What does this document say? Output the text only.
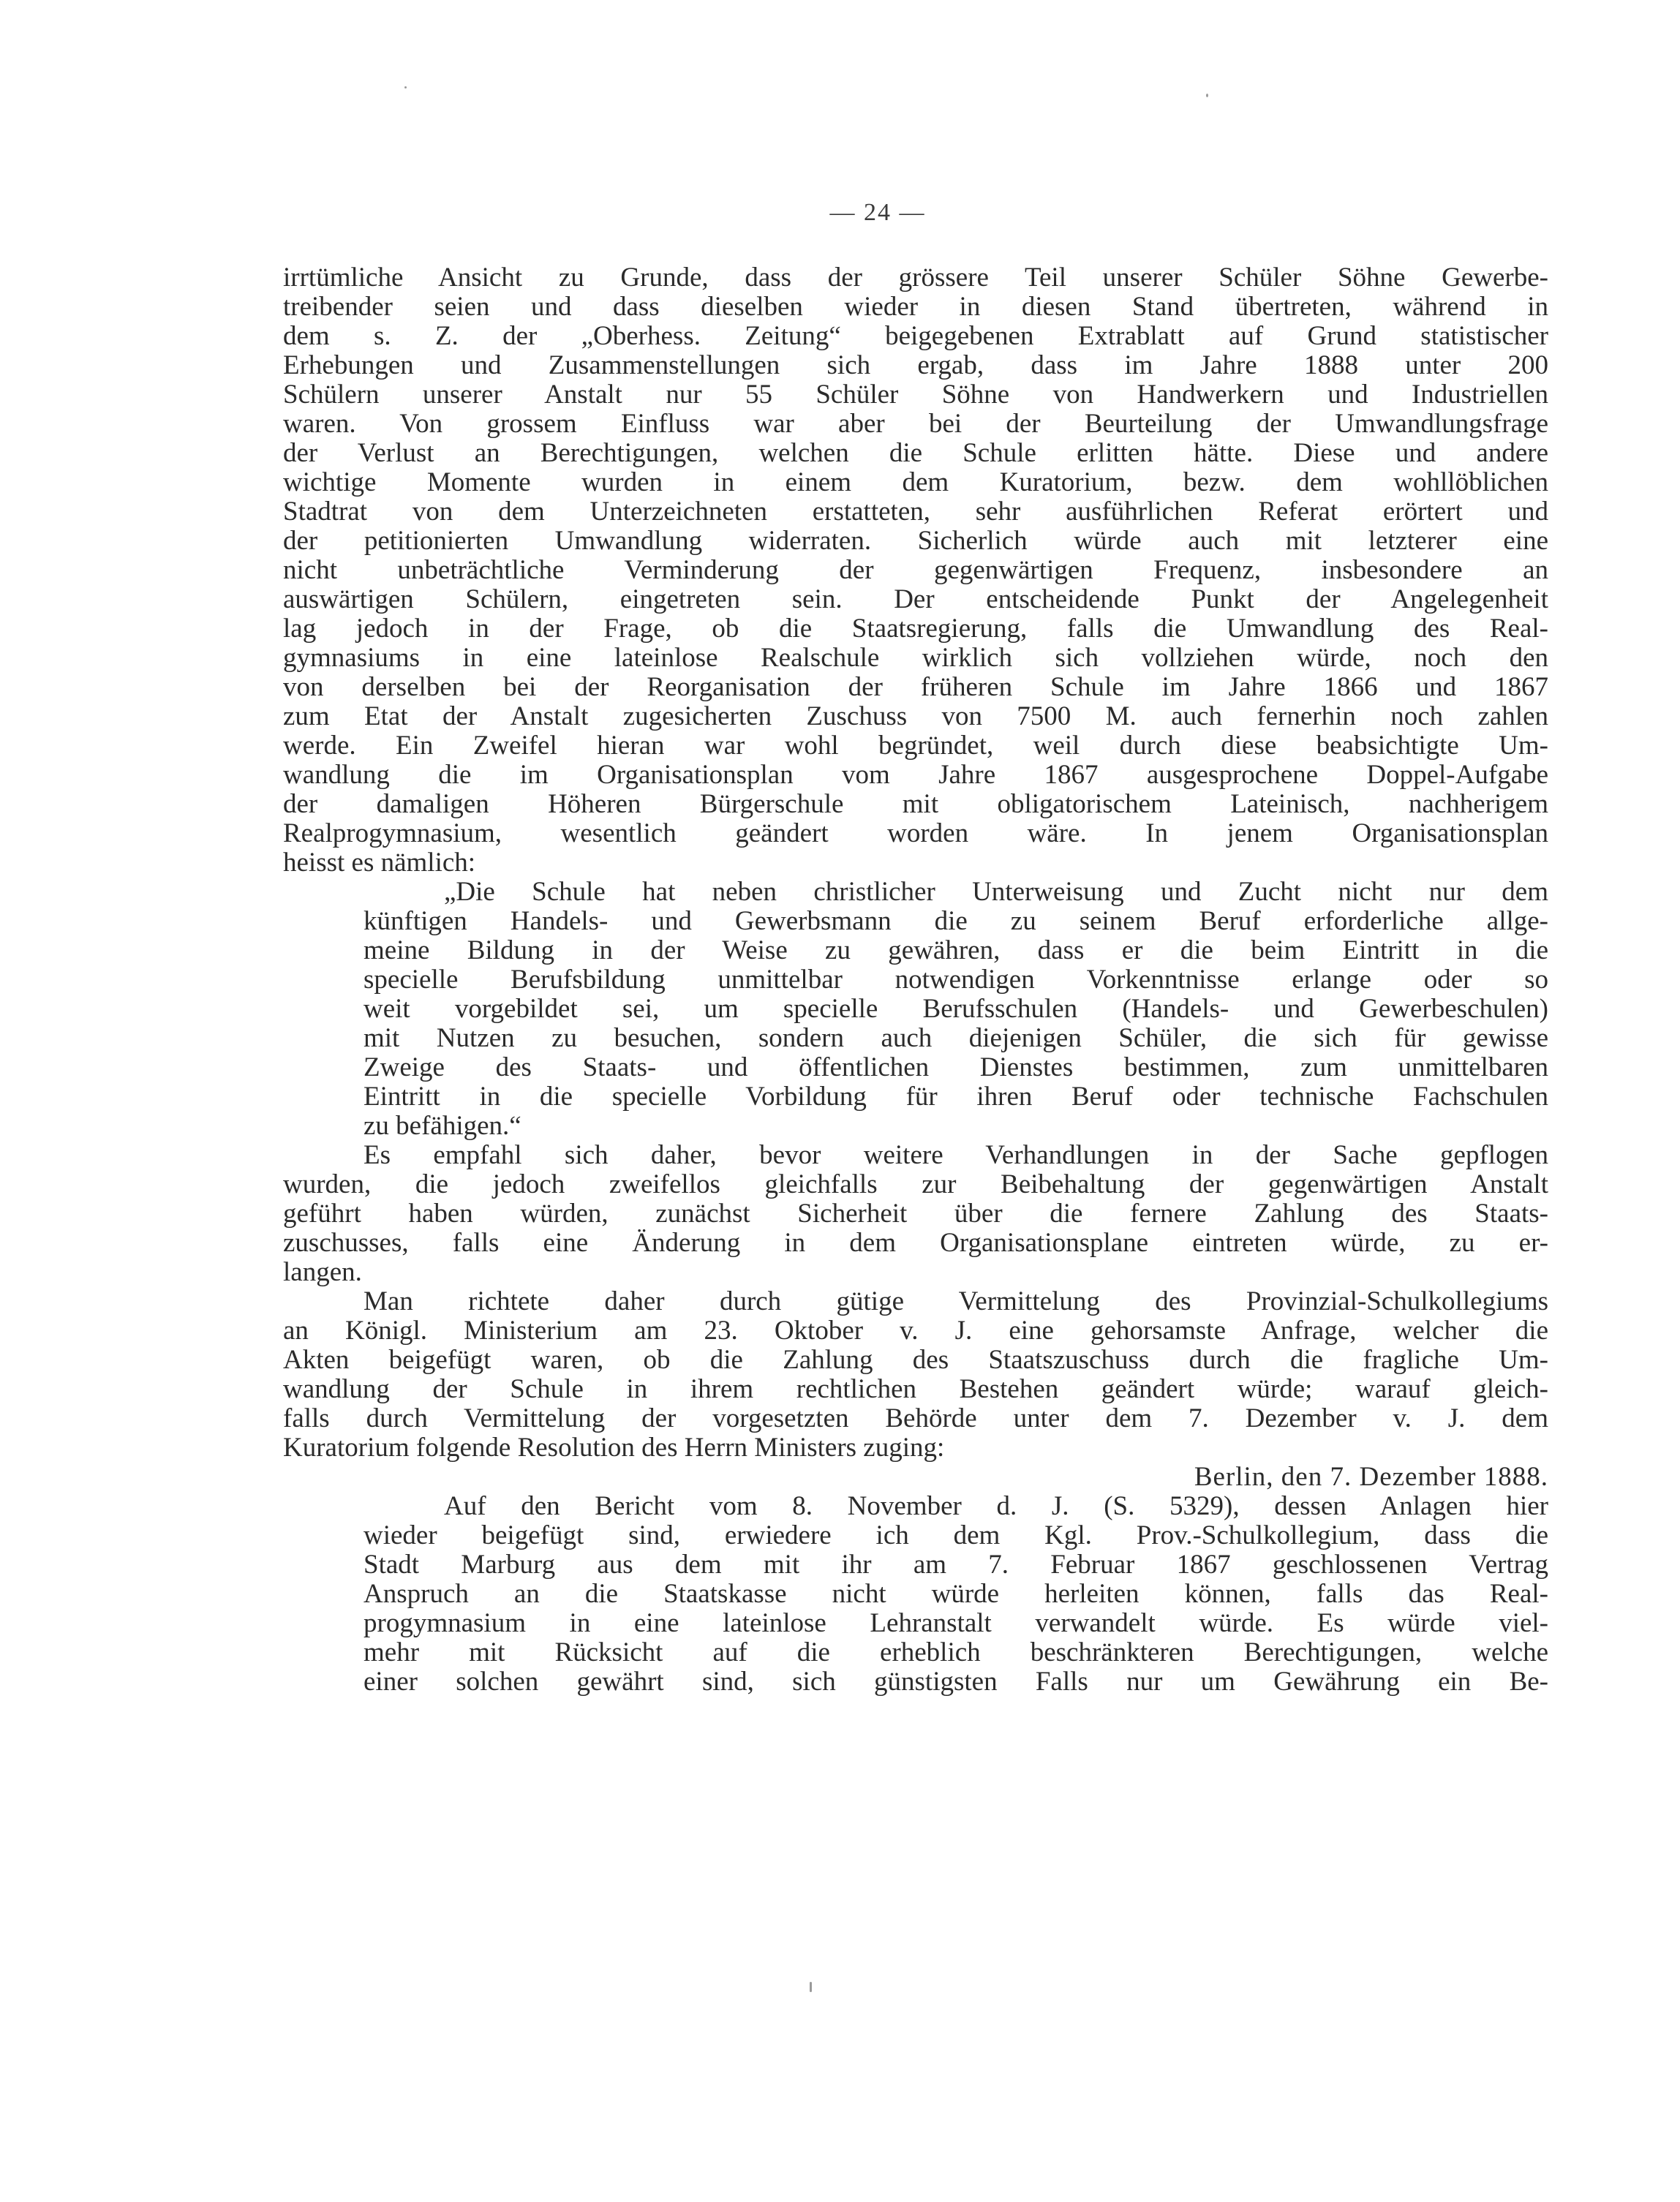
— 24 —
irrtümliche Ansicht zu Grunde, dass der grössere Teil unserer Schüler Söhne Gewerbe-
treibender seien und dass dieselben wieder in diesen Stand übertreten, während in
dem s. Z. der „Oberhess. Zeitung“ beigegebenen Extrablatt auf Grund statistischer
Erhebungen und Zusammenstellungen sich ergab, dass im Jahre 1888 unter 200
Schülern unserer Anstalt nur 55 Schüler Söhne von Handwerkern und Industriellen
waren. Von grossem Einfluss war aber bei der Beurteilung der Umwandlungsfrage
der Verlust an Berechtigungen, welchen die Schule erlitten hätte. Diese und andere
wichtige Momente wurden in einem dem Kuratorium, bezw. dem wohllöblichen
Stadtrat von dem Unterzeichneten erstatteten, sehr ausführlichen Referat erörtert und
der petitionierten Umwandlung widerraten. Sicherlich würde auch mit letzterer eine
nicht unbeträchtliche Verminderung der gegenwärtigen Frequenz, insbesondere an
auswärtigen Schülern, eingetreten sein. Der entscheidende Punkt der Angelegenheit
lag jedoch in der Frage, ob die Staatsregierung, falls die Umwandlung des Real-
gymnasiums in eine lateinlose Realschule wirklich sich vollziehen würde, noch den
von derselben bei der Reorganisation der früheren Schule im Jahre 1866 und 1867
zum Etat der Anstalt zugesicherten Zuschuss von 7500 M. auch fernerhin noch zahlen
werde. Ein Zweifel hieran war wohl begründet, weil durch diese beabsichtigte Um-
wandlung die im Organisationsplan vom Jahre 1867 ausgesprochene Doppel-Aufgabe
der damaligen Höheren Bürgerschule mit obligatorischem Lateinisch, nachherigem
Realprogymnasium, wesentlich geändert worden wäre. In jenem Organisationsplan
heisst es nämlich:
„Die Schule hat neben christlicher Unterweisung und Zucht nicht nur dem
künftigen Handels- und Gewerbsmann die zu seinem Beruf erforderliche allge-
meine Bildung in der Weise zu gewähren, dass er die beim Eintritt in die
specielle Berufsbildung unmittelbar notwendigen Vorkenntnisse erlange oder so
weit vorgebildet sei, um specielle Berufsschulen (Handels- und Gewerbeschulen)
mit Nutzen zu besuchen, sondern auch diejenigen Schüler, die sich für gewisse
Zweige des Staats- und öffentlichen Dienstes bestimmen, zum unmittelbaren
Eintritt in die specielle Vorbildung für ihren Beruf oder technische Fachschulen
zu befähigen.“
Es empfahl sich daher, bevor weitere Verhandlungen in der Sache gepflogen
wurden, die jedoch zweifellos gleichfalls zur Beibehaltung der gegenwärtigen Anstalt
geführt haben würden, zunächst Sicherheit über die fernere Zahlung des Staats-
zuschusses, falls eine Änderung in dem Organisationsplane eintreten würde, zu er-
langen.
Man richtete daher durch gütige Vermittelung des Provinzial-Schulkollegiums
an Königl. Ministerium am 23. Oktober v. J. eine gehorsamste Anfrage, welcher die
Akten beigefügt waren, ob die Zahlung des Staatszuschuss durch die fragliche Um-
wandlung der Schule in ihrem rechtlichen Bestehen geändert würde; warauf gleich-
falls durch Vermittelung der vorgesetzten Behörde unter dem 7. Dezember v. J. dem
Kuratorium folgende Resolution des Herrn Ministers zuging:
Berlin, den 7. Dezember 1888.
Auf den Bericht vom 8. November d. J. (S. 5329), dessen Anlagen hier
wieder beigefügt sind, erwiedere ich dem Kgl. Prov.-Schulkollegium, dass die
Stadt Marburg aus dem mit ihr am 7. Februar 1867 geschlossenen Vertrag
Anspruch an die Staatskasse nicht würde herleiten können, falls das Real-
progymnasium in eine lateinlose Lehranstalt verwandelt würde. Es würde viel-
mehr mit Rücksicht auf die erheblich beschränkteren Berechtigungen, welche
einer solchen gewährt sind, sich günstigsten Falls nur um Gewährung ein Be-
